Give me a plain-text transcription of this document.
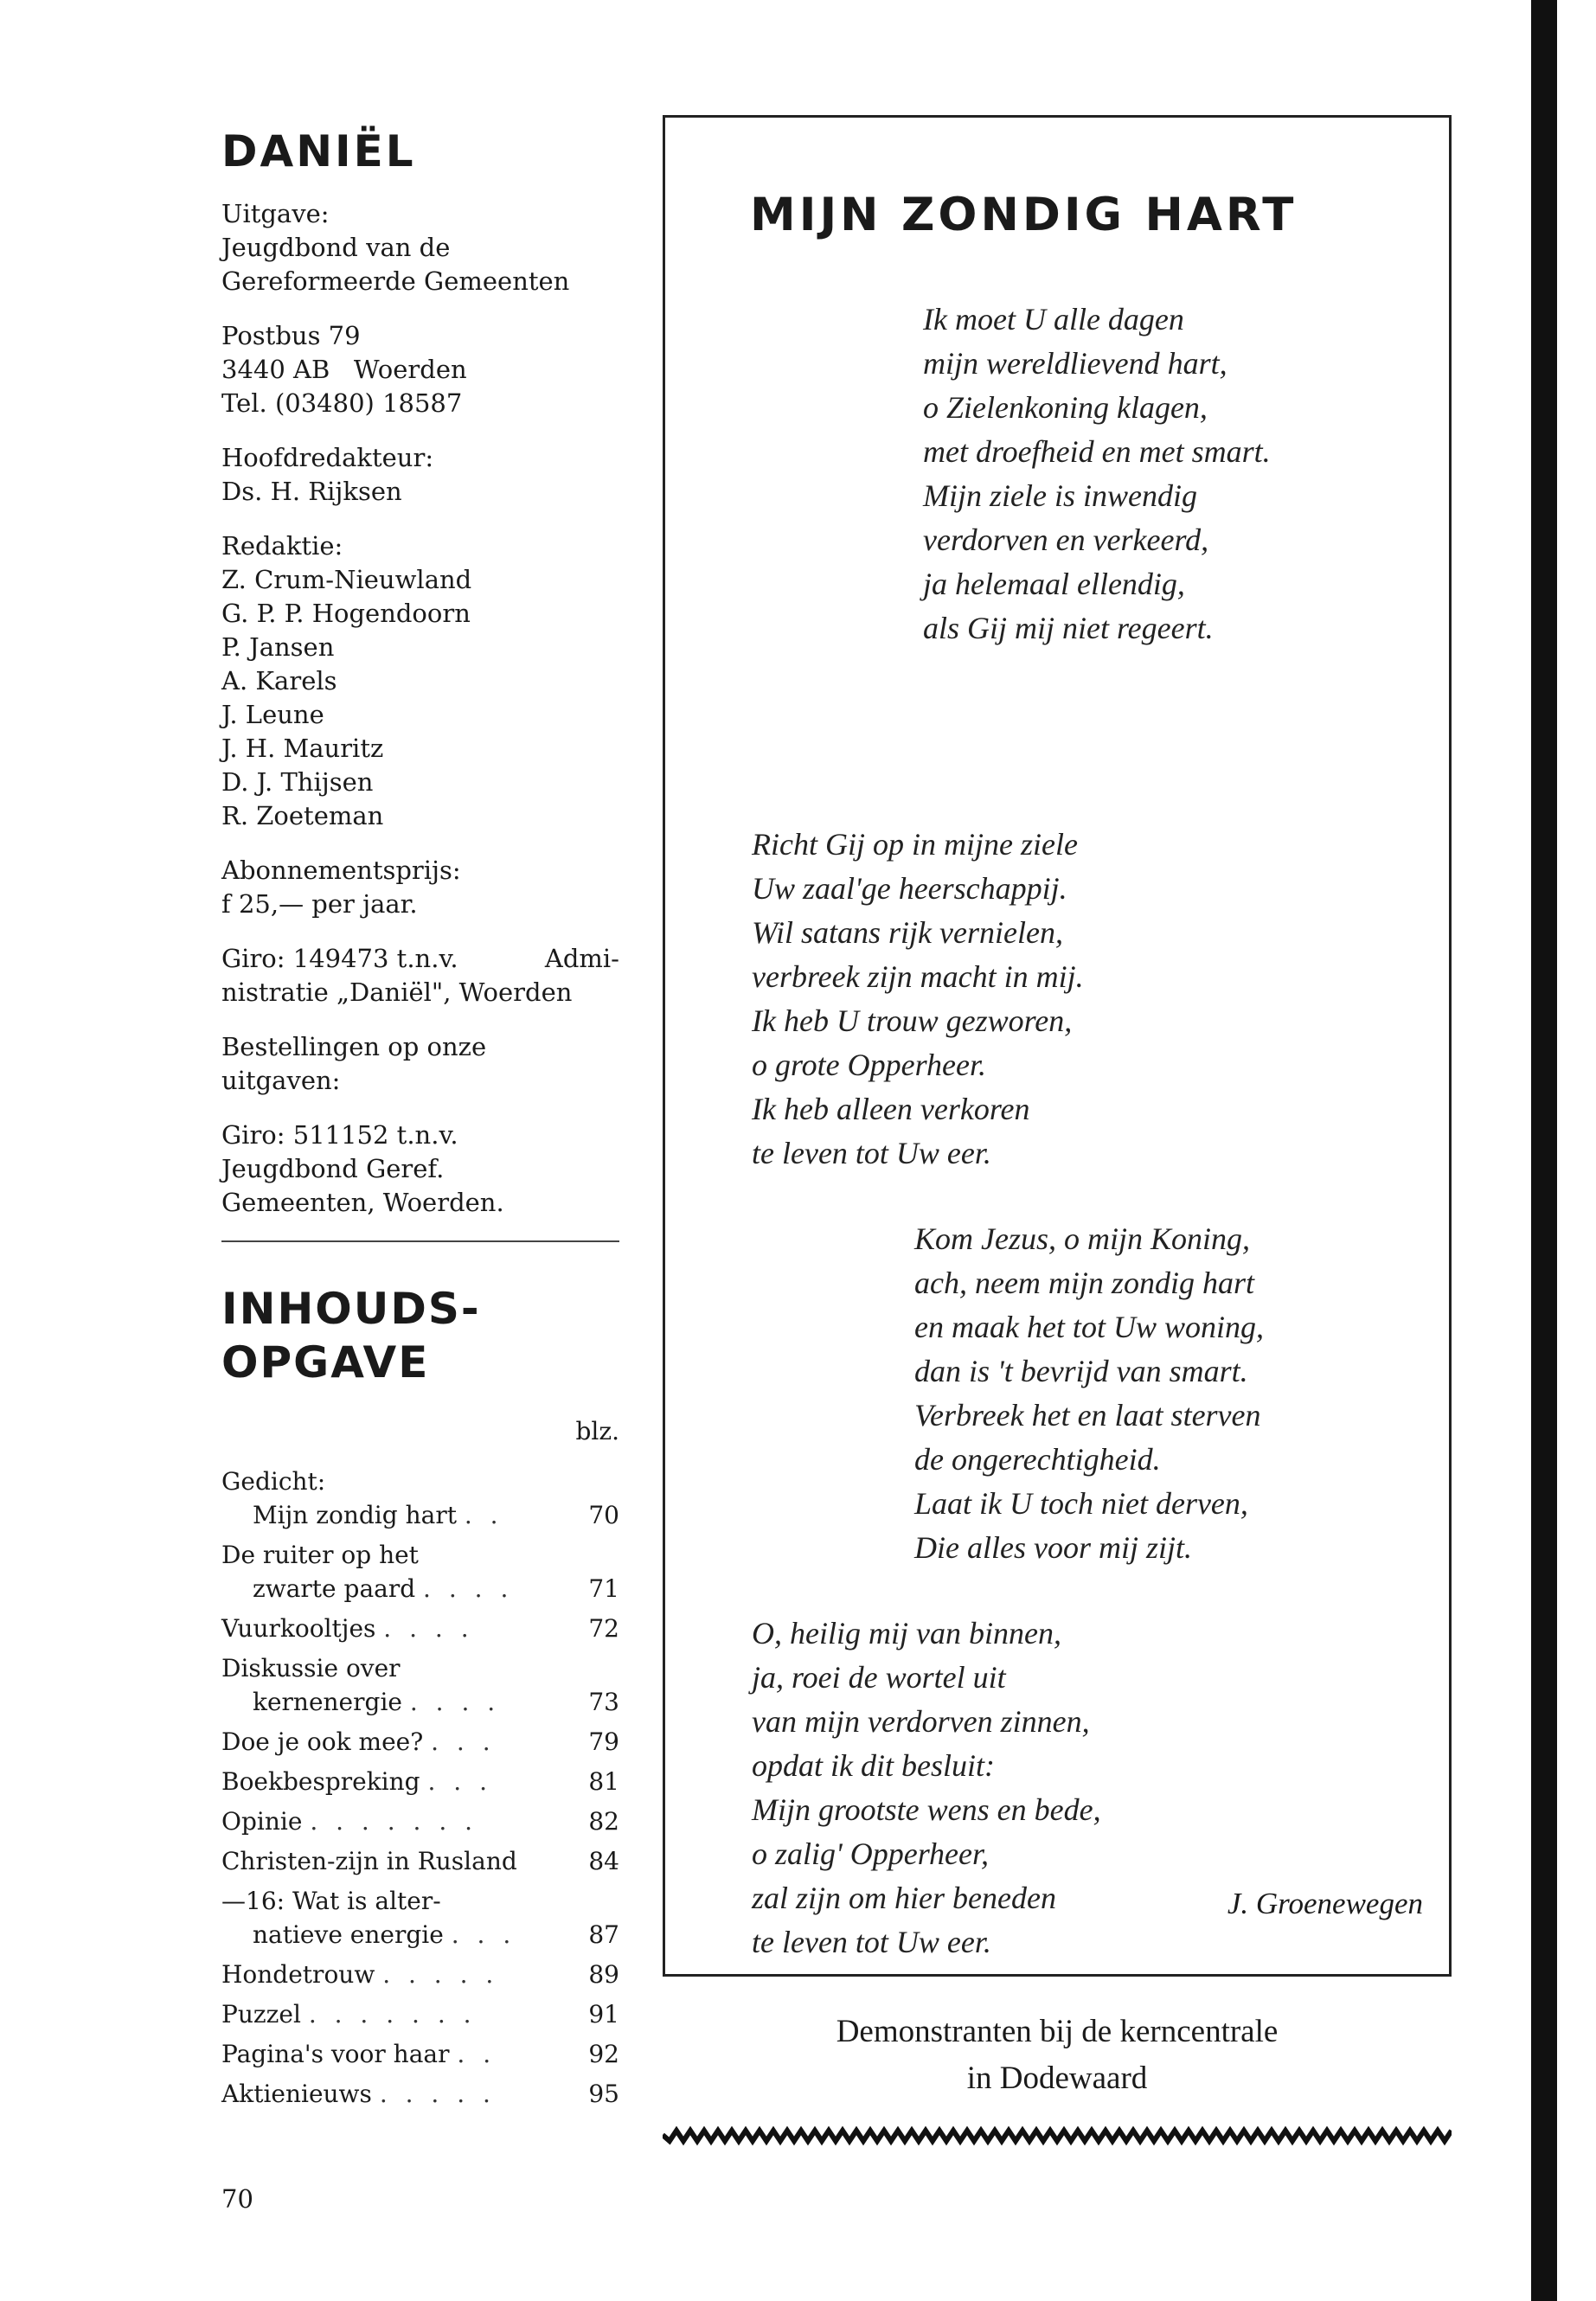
DANIËL
Uitgave:
Jeugdbond van de
Gereformeerde Gemeenten
Postbus 79
3440 AB   Woerden
Tel. (03480) 18587
Hoofdredakteur:
Ds. H. Rijksen
Redaktie:
Z. Crum-Nieuwland
G. P. P. Hogendoorn
P. Jansen
A. Karels
J. Leune
J. H. Mauritz
D. J. Thijsen
R. Zoeteman
Abonnementsprijs:
f 25,— per jaar.
Giro: 149473 t.n.v.	Admi-
nistratie „Daniël", Woerden
Bestellingen op onze
uitgaven:
Giro: 511152 t.n.v.
Jeugdbond Geref.
Gemeenten, Woerden.
INHOUDS-
OPGAVE
blz.
Gedicht:
Mijn zondig hart . .	70
De ruiter op het
zwarte paard . . . .	71
Vuurkooltjes . . . .	72
Diskussie over
kernenergie . . . .	73
Doe je ook mee? . . .	79
Boekbespreking . . .	81
Opinie . . . . . . .	82
Christen-zijn in Rusland	84
—16: Wat is alter-
natieve energie . . .	87
Hondetrouw . . . . .	89
Puzzel . . . . . . .	91
Pagina's voor haar . .	92
Aktienieuws . . . . .	95
70
MIJN ZONDIG HART
Ik moet U alle dagen
mijn wereldlievend hart,
o Zielenkoning klagen,
met droefheid en met smart.
Mijn ziele is inwendig
verdorven en verkeerd,
ja helemaal ellendig,
als Gij mij niet regeert.
Richt Gij op in mijne ziele
Uw zaal'ge heerschappij.
Wil satans rijk vernielen,
verbreek zijn macht in mij.
Ik heb U trouw gezworen,
o grote Opperheer.
Ik heb alleen verkoren
te leven tot Uw eer.
Kom Jezus, o mijn Koning,
ach, neem mijn zondig hart
en maak het tot Uw woning,
dan is 't bevrijd van smart.
Verbreek het en laat sterven
de ongerechtigheid.
Laat ik U toch niet derven,
Die alles voor mij zijt.
O, heilig mij van binnen,
ja, roei de wortel uit
van mijn verdorven zinnen,
opdat ik dit besluit:
Mijn grootste wens en bede,
o zalig' Opperheer,
zal zijn om hier beneden
te leven tot Uw eer.
J. Groenewegen
Demonstranten bij de kerncentrale
in Dodewaard
